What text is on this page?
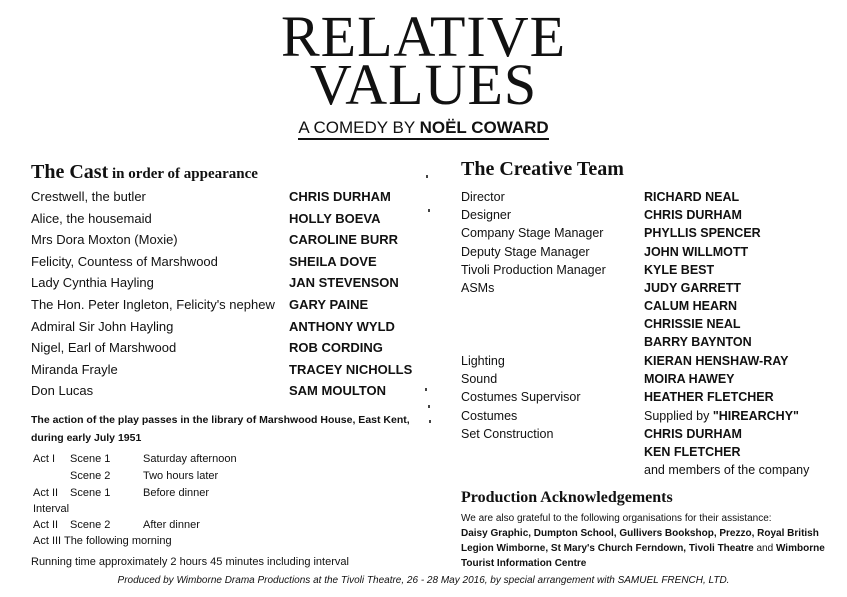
RELATIVE
VALUES
A COMEDY BY NOËL COWARD
The Cast in order of appearance
Crestwell, the butler	CHRIS DURHAM
Alice, the housemaid	HOLLY BOEVA
Mrs Dora Moxton (Moxie)	CAROLINE BURR
Felicity, Countess of Marshwood	SHEILA DOVE
Lady Cynthia Hayling	JAN STEVENSON
The Hon. Peter Ingleton, Felicity's nephew GARY PAINE
Admiral Sir John Hayling	ANTHONY WYLD
Nigel, Earl of Marshwood	ROB CORDING
Miranda Frayle	TRACEY NICHOLLS
Don Lucas	SAM MOULTON
The action of the play passes in the library of Marshwood House, East Kent, during early July 1951
Act I Scene 1	Saturday afternoon
Scene 2	Two hours later
Act II Scene 1	Before dinner
Interval
Act II Scene 2	After dinner
Act III The following morning
Running time approximately 2 hours 45 minutes including interval
The Creative Team
Director	RICHARD NEAL
Designer	CHRIS DURHAM
Company Stage Manager	PHYLLIS SPENCER
Deputy Stage Manager	JOHN WILLMOTT
Tivoli Production Manager	KYLE BEST
ASMs	JUDY GARRETT
CALUM HEARN
CHRISSIE NEAL
BARRY BAYNTON
Lighting	KIERAN HENSHAW-RAY
Sound	MOIRA HAWEY
Costumes Supervisor	HEATHER FLETCHER
Costumes	Supplied by "HIREARCHY"
Set Construction	CHRIS DURHAM
KEN FLETCHER
and members of the company
Production Acknowledgements
We are also grateful to the following organisations for their assistance:
Daisy Graphic, Dumpton School, Gullivers Bookshop, Prezzo, Royal British Legion Wimborne, St Mary's Church Ferndown, Tivoli Theatre and Wimborne Tourist Information Centre
Produced by Wimborne Drama Productions at the Tivoli Theatre, 26 - 28 May 2016, by special arrangement with SAMUEL FRENCH, LTD.
